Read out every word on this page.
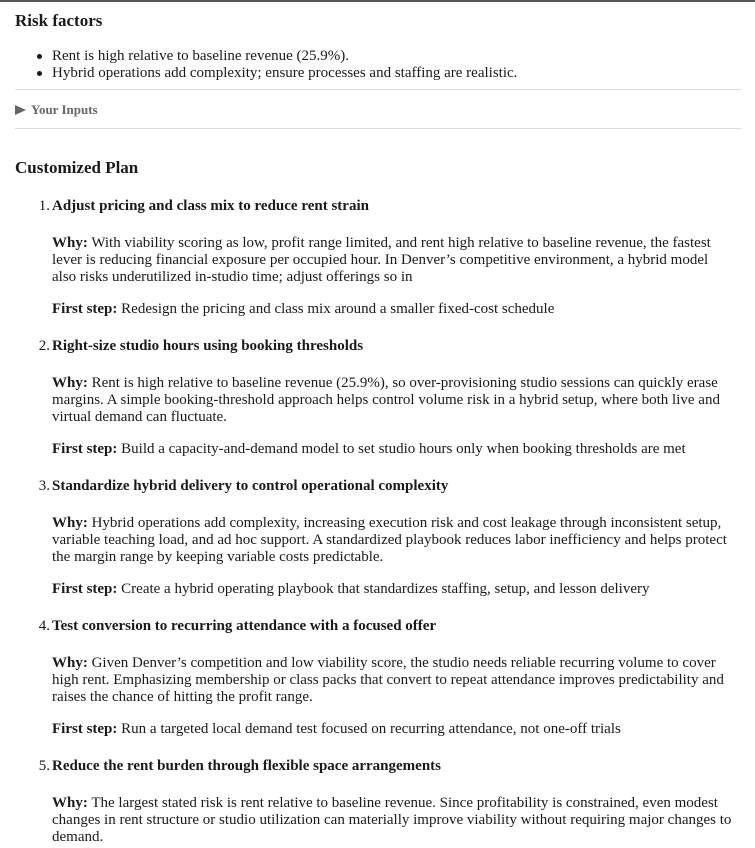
Risk factors
Rent is high relative to baseline revenue (25.9%).
Hybrid operations add complexity; ensure processes and staffing are realistic.
Your Inputs
Customized Plan
1. Adjust pricing and class mix to reduce rent strain

Why: With viability scoring as low, profit range limited, and rent high relative to baseline revenue, the fastest lever is reducing financial exposure per occupied hour. In Denver’s competitive environment, a hybrid model also risks underutilized in-studio time; adjust offerings so in

First step: Redesign the pricing and class mix around a smaller fixed-cost schedule

2. Right-size studio hours using booking thresholds

Why: Rent is high relative to baseline revenue (25.9%), so over-provisioning studio sessions can quickly erase margins. A simple booking-threshold approach helps control volume risk in a hybrid setup, where both live and virtual demand can fluctuate.

First step: Build a capacity-and-demand model to set studio hours only when booking thresholds are met

3. Standardize hybrid delivery to control operational complexity

Why: Hybrid operations add complexity, increasing execution risk and cost leakage through inconsistent setup, variable teaching load, and ad hoc support. A standardized playbook reduces labor inefficiency and helps protect the margin range by keeping variable costs predictable.

First step: Create a hybrid operating playbook that standardizes staffing, setup, and lesson delivery

4. Test conversion to recurring attendance with a focused offer

Why: Given Denver’s competition and low viability score, the studio needs reliable recurring volume to cover high rent. Emphasizing membership or class packs that convert to repeat attendance improves predictability and raises the chance of hitting the profit range.

First step: Run a targeted local demand test focused on recurring attendance, not one-off trials

5. Reduce the rent burden through flexible space arrangements

Why: The largest stated risk is rent relative to baseline revenue. Since profitability is constrained, even modest changes in rent structure or studio utilization can materially improve viability without requiring major changes to demand.
